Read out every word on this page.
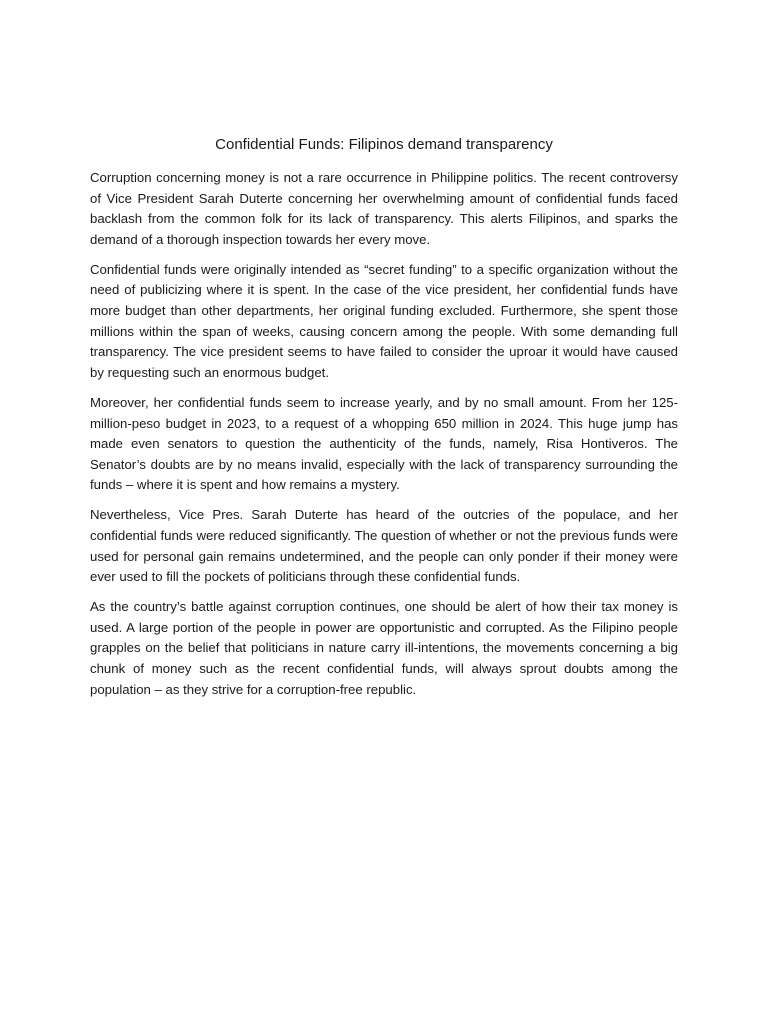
Confidential Funds: Filipinos demand transparency

Corruption concerning money is not a rare occurrence in Philippine politics. The recent controversy of Vice President Sarah Duterte concerning her overwhelming amount of confidential funds faced backlash from the common folk for its lack of transparency. This alerts Filipinos, and sparks the demand of a thorough inspection towards her every move.

Confidential funds were originally intended as “secret funding” to a specific organization without the need of publicizing where it is spent. In the case of the vice president, her confidential funds have more budget than other departments, her original funding excluded. Furthermore, she spent those millions within the span of weeks, causing concern among the people. With some demanding full transparency. The vice president seems to have failed to consider the uproar it would have caused by requesting such an enormous budget.

Moreover, her confidential funds seem to increase yearly, and by no small amount. From her 125-million-peso budget in 2023, to a request of a whopping 650 million in 2024. This huge jump has made even senators to question the authenticity of the funds, namely, Risa Hontiveros. The Senator’s doubts are by no means invalid, especially with the lack of transparency surrounding the funds – where it is spent and how remains a mystery.

Nevertheless, Vice Pres. Sarah Duterte has heard of the outcries of the populace, and her confidential funds were reduced significantly. The question of whether or not the previous funds were used for personal gain remains undetermined, and the people can only ponder if their money were ever used to fill the pockets of politicians through these confidential funds.

As the country’s battle against corruption continues, one should be alert of how their tax money is used. A large portion of the people in power are opportunistic and corrupted. As the Filipino people grapples on the belief that politicians in nature carry ill-intentions, the movements concerning a big chunk of money such as the recent confidential funds, will always sprout doubts among the population – as they strive for a corruption-free republic.
